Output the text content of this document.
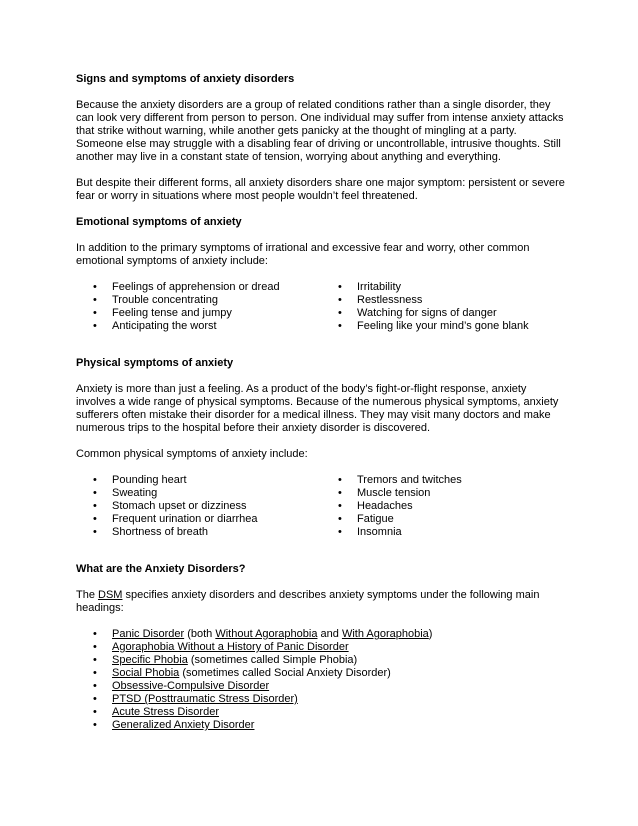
Signs and symptoms of anxiety disorders

Because the anxiety disorders are a group of related conditions rather than a single disorder, they can look very different from person to person. One individual may suffer from intense anxiety attacks that strike without warning, while another gets panicky at the thought of mingling at a party. Someone else may struggle with a disabling fear of driving or uncontrollable, intrusive thoughts. Still another may live in a constant state of tension, worrying about anything and everything.

But despite their different forms, all anxiety disorders share one major symptom: persistent or severe fear or worry in situations where most people wouldn’t feel threatened.

Emotional symptoms of anxiety

In addition to the primary symptoms of irrational and excessive fear and worry, other common emotional symptoms of anxiety include:

• Feelings of apprehension or dread
• Trouble concentrating
• Feeling tense and jumpy
• Anticipating the worst
• Irritability
• Restlessness
• Watching for signs of danger
• Feeling like your mind’s gone blank
Physical symptoms of anxiety

Anxiety is more than just a feeling. As a product of the body’s fight-or-flight response, anxiety involves a wide range of physical symptoms. Because of the numerous physical symptoms, anxiety sufferers often mistake their disorder for a medical illness. They may visit many doctors and make numerous trips to the hospital before their anxiety disorder is discovered.

Common physical symptoms of anxiety include:

• Pounding heart
• Sweating
• Stomach upset or dizziness
• Frequent urination or diarrhea
• Shortness of breath
• Tremors and twitches
• Muscle tension
• Headaches
• Fatigue
• Insomnia
What are the Anxiety Disorders?

The DSM specifies anxiety disorders and describes anxiety symptoms under the following main headings:

• Panic Disorder (both Without Agoraphobia and With Agoraphobia)
• Agoraphobia Without a History of Panic Disorder
• Specific Phobia (sometimes called Simple Phobia)
• Social Phobia (sometimes called Social Anxiety Disorder)
• Obsessive-Compulsive Disorder
• PTSD (Posttraumatic Stress Disorder)
• Acute Stress Disorder
• Generalized Anxiety Disorder
